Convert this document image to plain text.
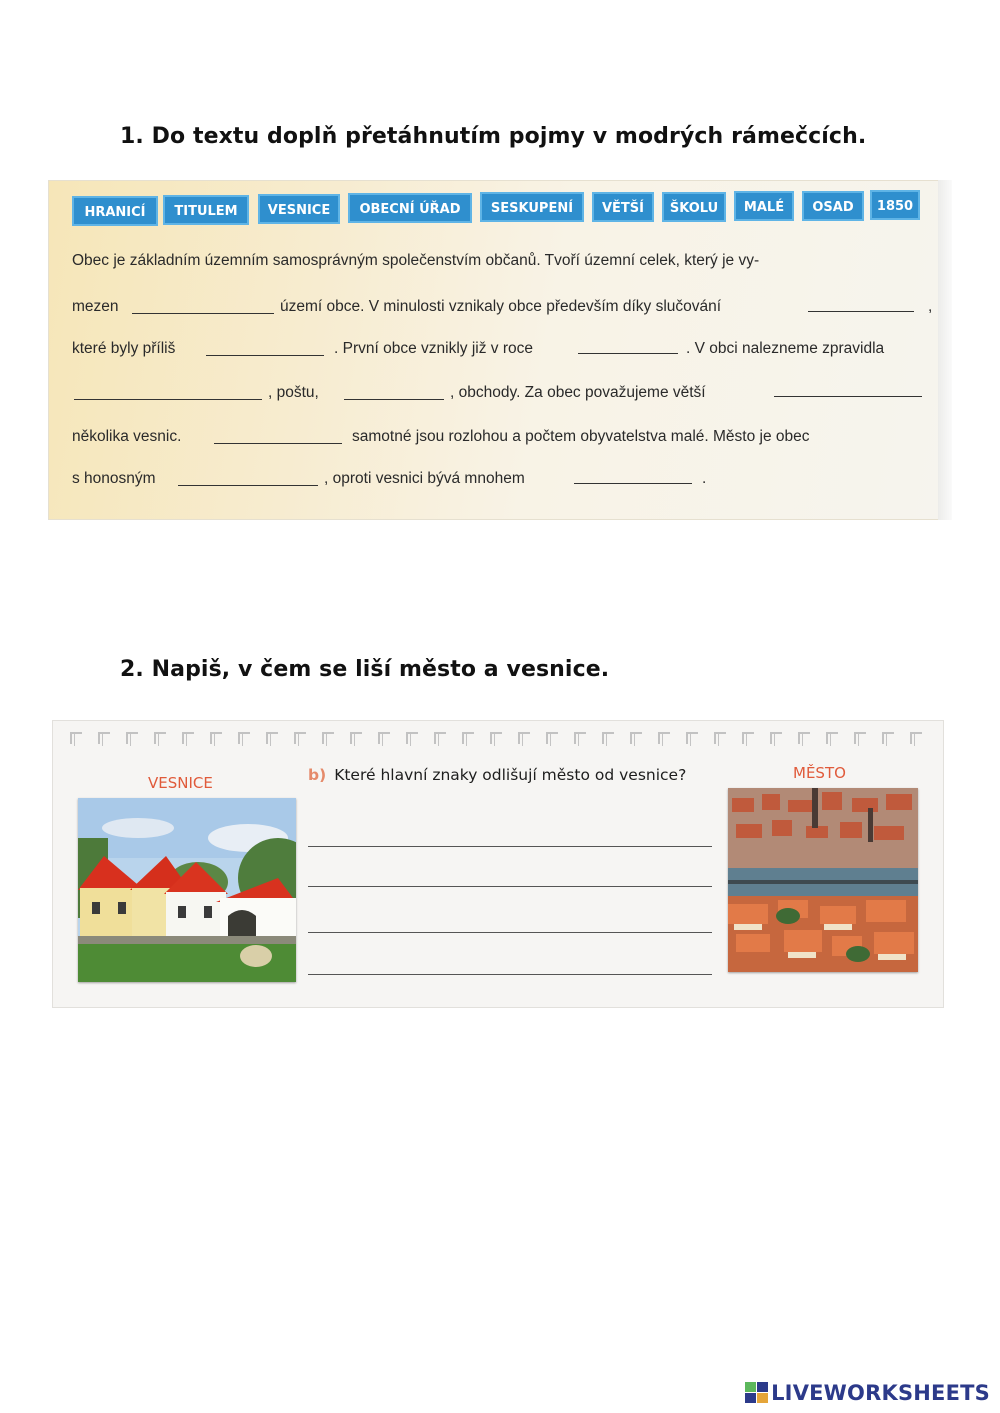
1. Do textu doplň přetáhnutím pojmy v modrých rámečcích.
HRANICÍ	TITULEM	VESNICE	OBECNÍ ÚŘAD	SESKUPENÍ	VĚTŠÍ	ŠKOLU	MALÉ	OSAD	1850
Obec je základním územním samosprávným společenstvím občanů. Tvoří územní celek, který je vy-
mezen	území obce. V minulosti vznikaly obce především díky slučování	,
které byly příliš	. První obce vznikly již v roce	. V obci nalezneme zpravidla
, poštu,	, obchody. Za obec považujeme větší
několika vesnic.	samotné jsou rozlohou a počtem obyvatelstva malé. Město je obec
s honosným	, oproti vesnici bývá mnohem	.
2. Napiš, v čem se liší město a vesnice.
VESNICE
MĚSTO
b) Které hlavní znaky odlišují město od vesnice?
LIVEWORKSHEETS
